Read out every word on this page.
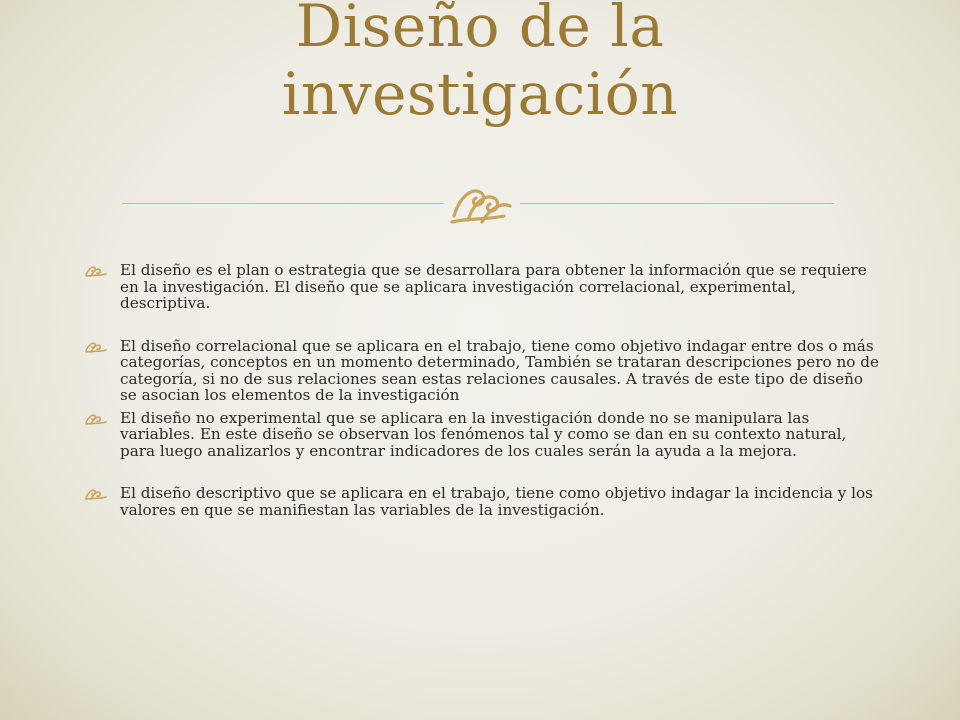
Diseño de la
investigación
El diseño es el plan o estrategia que se desarrollara para obtener la información que se requiere en la investigación. El diseño que se aplicara investigación correlacional, experimental, descriptiva.
El diseño correlacional que se aplicara en el trabajo, tiene como objetivo indagar entre dos o más categorías, conceptos en un momento determinado, También se trataran descripciones pero no de categoría, si no de sus relaciones sean estas relaciones causales. A través de este tipo de diseño se asocian los elementos de la investigación
El diseño no experimental que se aplicara en la investigación donde no se manipulara las variables. En este diseño se observan los fenómenos tal y como se dan en su contexto natural, para luego analizarlos y encontrar indicadores de los cuales serán la ayuda a la mejora.
El diseño descriptivo que se aplicara en el trabajo, tiene como objetivo indagar la incidencia y los valores en que se manifiestan las variables de la investigación.
